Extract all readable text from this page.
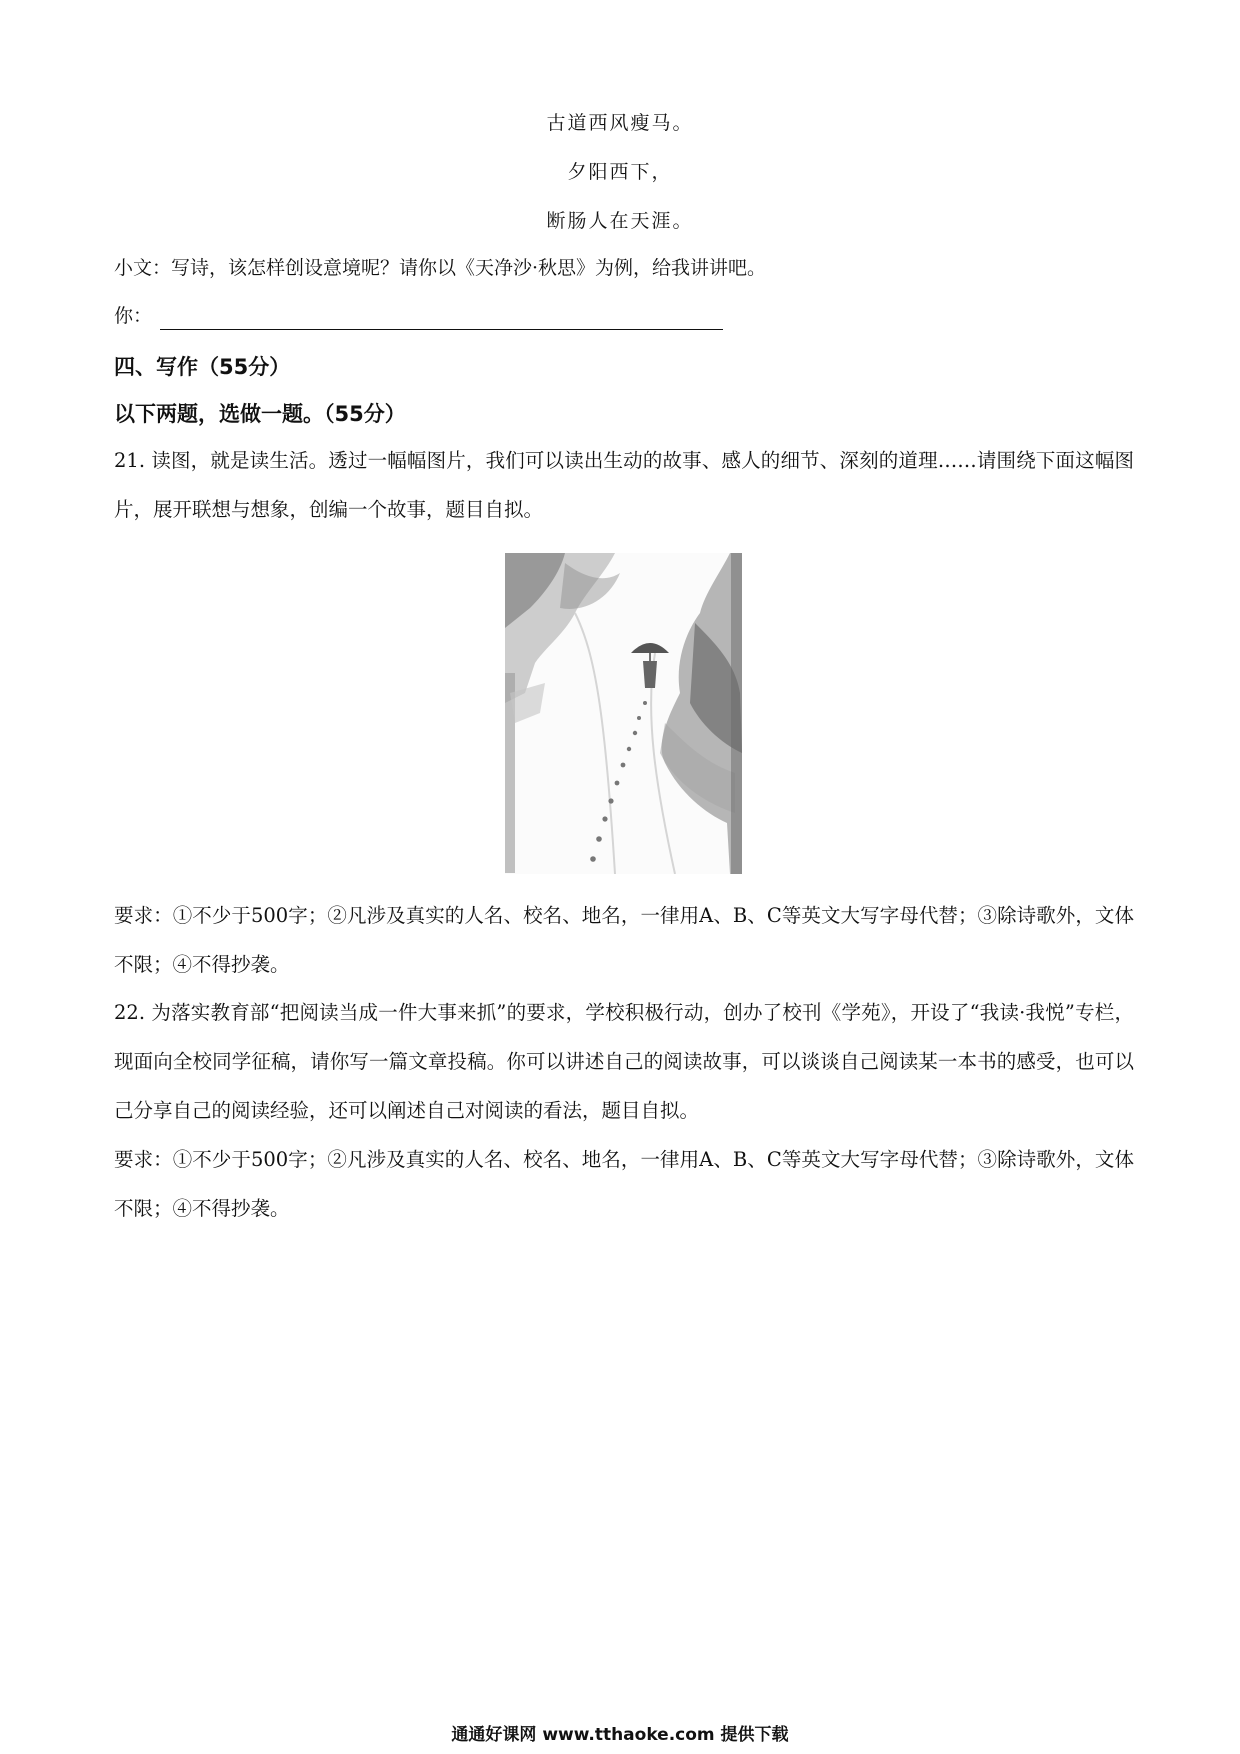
古道西风瘦马。
夕阳西下，
断肠人在天涯。
小文：写诗，该怎样创设意境呢？请你以《天净沙·秋思》为例，给我讲讲吧。
你：
四、写作（55分）
以下两题，选做一题。（55分）
21. 读图，就是读生活。透过一幅幅图片，我们可以读出生动的故事、感人的细节、深刻的道理……请围绕下面这幅图片，展开联想与想象，创编一个故事，题目自拟。
要求：①不少于500字；②凡涉及真实的人名、校名、地名，一律用A、B、C等英文大写字母代替；③除诗歌外，文体不限；④不得抄袭。
22. 为落实教育部“把阅读当成一件大事来抓”的要求，学校积极行动，创办了校刊《学苑》，开设了“我读·我悦”专栏，现面向全校同学征稿，请你写一篇文章投稿。你可以讲述自己的阅读故事，可以谈谈自己阅读某一本书的感受，也可以己分享自己的阅读经验，还可以阐述自己对阅读的看法，题目自拟。
要求：①不少于500字；②凡涉及真实的人名、校名、地名，一律用A、B、C等英文大写字母代替；③除诗歌外，文体不限；④不得抄袭。
通通好课网 www.tthaoke.com 提供下载
